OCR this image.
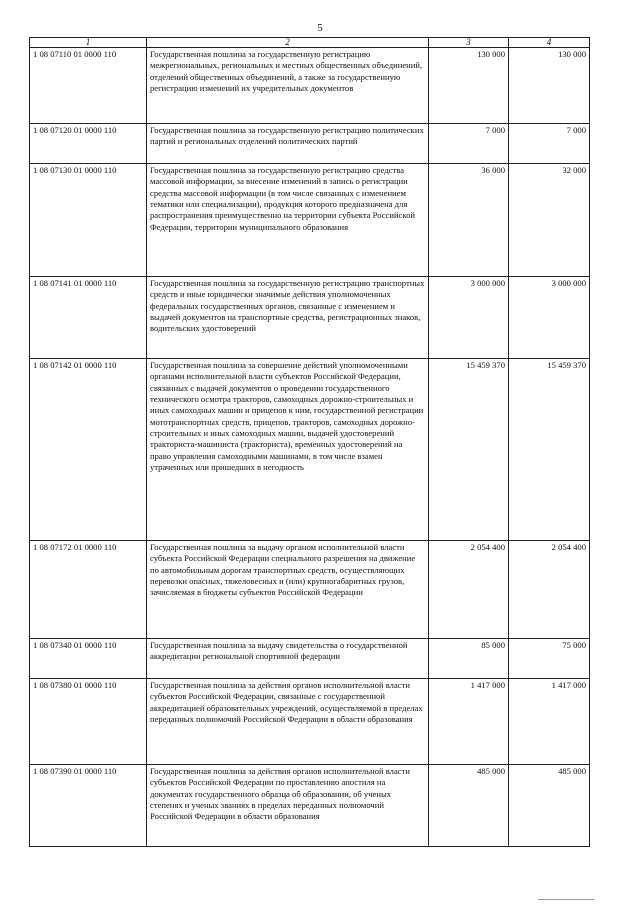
5
1	2	3	4
1 08 07110 01 0000 110	Государственная пошлина за государственную регистрацию межрегиональных, региональных и местных общественных объединений, отделений общественных объединений, а также за государственную регистрацию изменений их учредительных документов	130 000	130 000
1 08 07120 01 0000 110	Государственная пошлина за государственную регистрацию политических партий и региональных отделений политических партий	7 000	7 000
1 08 07130 01 0000 110	Государственная пошлина за государственную регистрацию средства массовой информации, за внесение изменений в запись о регистрации средства массовой информации (в том числе связанных с изменением тематики или специализации), продукция которого предназначена для распространения преимущественно на территории субъекта Российской Федерации, территории муниципального образования	36 000	32 000
1 08 07141 01 0000 110	Государственная пошлина за государственную регистрацию транспортных средств и иные юридически значимые действия уполномоченных федеральных государственных органов, связанные с изменением и выдачей документов на транспортные средства, регистрационных знаков, водительских удостоверений	3 000 000	3 000 000
1 08 07142 01 0000 110	Государственная пошлина за совершение действий уполномоченными органами исполнительной власти субъектов Российской Федерации, связанных с выдачей документов о проведении государственного технического осмотра тракторов, самоходных дорожно-строительных и иных самоходных машин и прицепов к ним, государственной регистрации мототранспортных средств, прицепов, тракторов, самоходных дорожно-строительных и иных самоходных машин, выдачей удостоверений тракториста-машиниста (тракториста), временных удостоверений на право управления самоходными машинами, в том числе взамен утраченных или пришедших в негодность	15 459 370	15 459 370
1 08 07172 01 0000 110	Государственная пошлина за выдачу органом исполнительной власти субъекта Российской Федерации специального разрешения на движение по автомобильным дорогам транспортных средств, осуществляющих перевозки опасных, тяжеловесных и (или) крупногабаритных грузов, зачисляемая в бюджеты субъектов Российской Федерации	2 054 400	2 054 400
1 08 07340 01 0000 110	Государственная пошлина за выдачу свидетельства о государственной аккредитации региональной спортивной федерации	85 000	75 000
1 08 07380 01 0000 110	Государственная пошлина за действия органов исполнительной власти субъектов Российской Федерации, связанные с государственной аккредитацией образовательных учреждений, осуществляемой в пределах переданных полномочий Российской Федерации в области образования	1 417 000	1 417 000
1 08 07390 01 0000 110	Государственная пошлина за действия органов исполнительной власти субъектов Российской Федерации по проставлению апостиля на документах государственного образца об образовании, об ученых степенях и ученых званиях в пределах переданных полномочий Российской Федерации в области образования	485 000	485 000
